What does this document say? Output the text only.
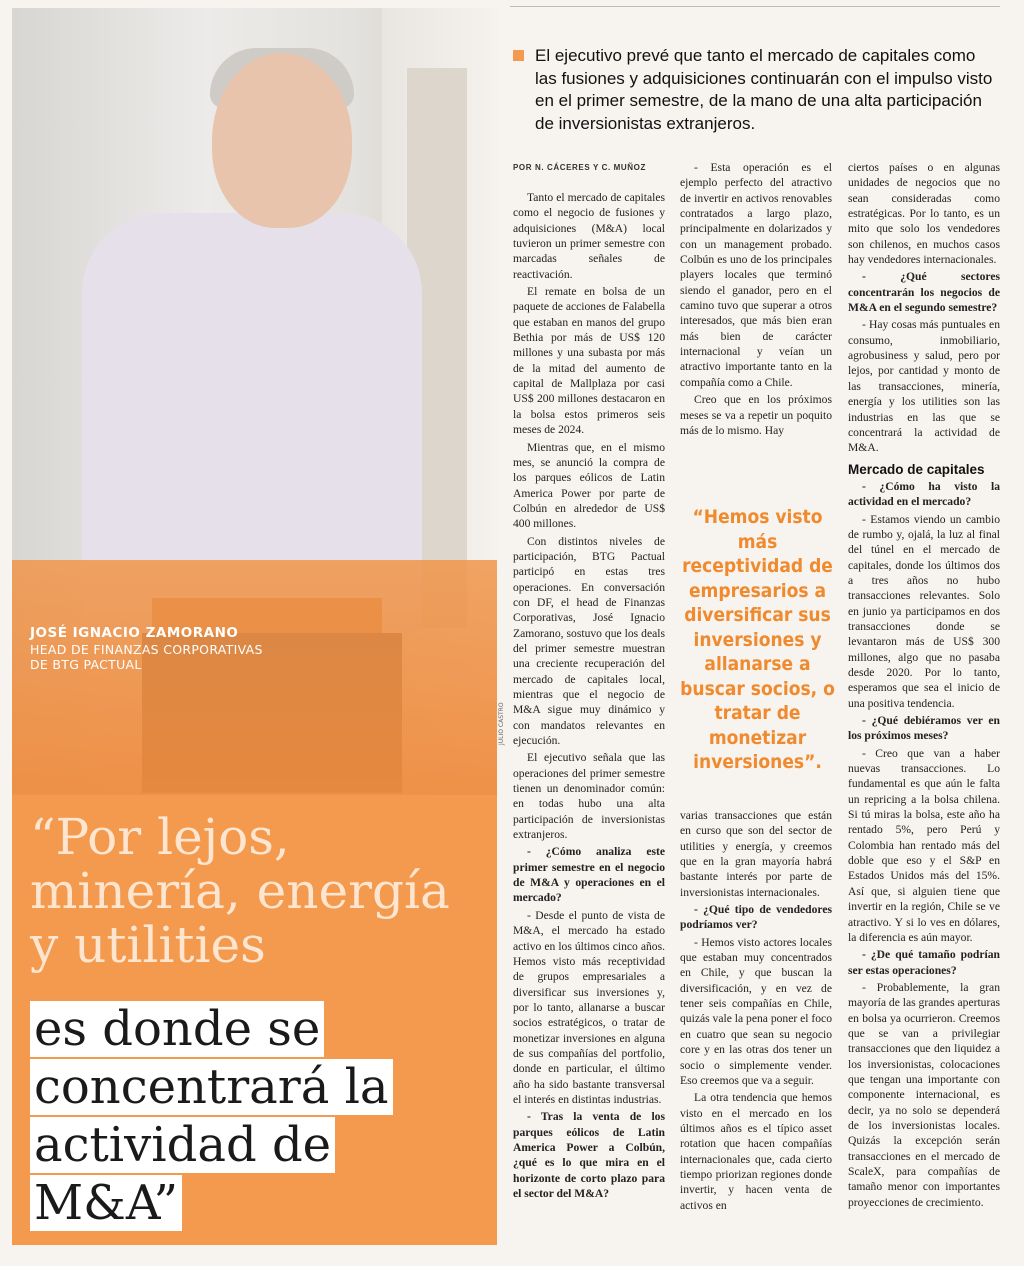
JOSÉ IGNACIO ZAMORANO
HEAD DE FINANZAS CORPORATIVAS
DE BTG PACTUAL
JULIO CASTRO
“Por lejos, minería, energía y utilities
es donde se concentrará la actividad de M&A”

El ejecutivo prevé que tanto el mercado de capitales como las fusiones y adquisiciones continuarán con el impulso visto en el primer semestre, de la mano de una alta participación de inversionistas extranjeros.

POR N. CÁCERES Y C. MUÑOZ

Tanto el mercado de capitales como el negocio de fusiones y adquisiciones (M&A) local tuvieron un primer semestre con marcadas señales de reactivación.

El remate en bolsa de un paquete de acciones de Falabella que estaban en manos del grupo Bethia por más de US$ 120 millones y una subasta por más de la mitad del aumento de capital de Mallplaza por casi US$ 200 millones destacaron en la bolsa estos primeros seis meses de 2024.

Mientras que, en el mismo mes, se anunció la compra de los parques eólicos de Latin America Power por parte de Colbún en alrededor de US$ 400 millones.

Con distintos niveles de participación, BTG Pactual participó en estas tres operaciones. En conversación con DF, el head de Finanzas Corporativas, José Ignacio Zamorano, sostuvo que los deals del primer semestre muestran una creciente recuperación del mercado de capitales local, mientras que el negocio de M&A sigue muy dinámico y con mandatos relevantes en ejecución.

El ejecutivo señala que las operaciones del primer semestre tienen un denominador común: en todas hubo una alta participación de inversionistas extranjeros.

- ¿Cómo analiza este primer semestre en el negocio de M&A y operaciones en el mercado?

- Desde el punto de vista de M&A, el mercado ha estado activo en los últimos cinco años. Hemos visto más receptividad de grupos empresariales a diversificar sus inversiones y, por lo tanto, allanarse a buscar socios estratégicos, o tratar de monetizar inversiones en alguna de sus compañías del portfolio, donde en particular, el último año ha sido bastante transversal el interés en distintas industrias.

- Tras la venta de los parques eólicos de Latin America Power a Colbún, ¿qué es lo que mira en el horizonte de corto plazo para el sector del M&A?

- Esta operación es el ejemplo perfecto del atractivo de invertir en activos renovables contratados a largo plazo, principalmente en dolarizados y con un management probado. Colbún es uno de los principales players locales que terminó siendo el ganador, pero en el camino tuvo que superar a otros interesados, que más bien eran más bien de carácter internacional y veían un atractivo importante tanto en la compañía como a Chile.

Creo que en los próximos meses se va a repetir un poquito más de lo mismo. Hay

“Hemos visto más receptividad de empresarios a diversificar sus inversiones y allanarse a buscar socios, o tratar de monetizar inversiones”.

varias transacciones que están en curso que son del sector de utilities y energía, y creemos que en la gran mayoría habrá bastante interés por parte de inversionistas internacionales.

- ¿Qué tipo de vendedores podríamos ver?

- Hemos visto actores locales que estaban muy concentrados en Chile, y que buscan la diversificación, y en vez de tener seis compañías en Chile, quizás vale la pena poner el foco en cuatro que sean su negocio core y en las otras dos tener un socio o simplemente vender. Eso creemos que va a seguir.

La otra tendencia que hemos visto en el mercado en los últimos años es el típico asset rotation que hacen compañías internacionales que, cada cierto tiempo priorizan regiones donde invertir, y hacen venta de activos en

ciertos países o en algunas unidades de negocios que no sean consideradas como estratégicas. Por lo tanto, es un mito que solo los vendedores son chilenos, en muchos casos hay vendedores internacionales.

- ¿Qué sectores concentrarán los negocios de M&A en el segundo semestre?

- Hay cosas más puntuales en consumo, inmobiliario, agrobusiness y salud, pero por lejos, por cantidad y monto de las transacciones, minería, energía y los utilities son las industrias en las que se concentrará la actividad de M&A.

Mercado de capitales

- ¿Cómo ha visto la actividad en el mercado?

- Estamos viendo un cambio de rumbo y, ojalá, la luz al final del túnel en el mercado de capitales, donde los últimos dos a tres años no hubo transacciones relevantes. Solo en junio ya participamos en dos transacciones donde se levantaron más de US$ 300 millones, algo que no pasaba desde 2020. Por lo tanto, esperamos que sea el inicio de una positiva tendencia.

- ¿Qué debiéramos ver en los próximos meses?

- Creo que van a haber nuevas transacciones. Lo fundamental es que aún le falta un repricing a la bolsa chilena. Si tú miras la bolsa, este año ha rentado 5%, pero Perú y Colombia han rentado más del doble que eso y el S&P en Estados Unidos más del 15%. Así que, si alguien tiene que invertir en la región, Chile se ve atractivo. Y si lo ves en dólares, la diferencia es aún mayor.

- ¿De qué tamaño podrían ser estas operaciones?

- Probablemente, la gran mayoría de las grandes aperturas en bolsa ya ocurrieron. Creemos que se van a privilegiar transacciones que den liquidez a los inversionistas, colocaciones que tengan una importante con componente internacional, es decir, ya no solo se dependerá de los inversionistas locales. Quizás la excepción serán transacciones en el mercado de ScaleX, para compañías de tamaño menor con importantes proyecciones de crecimiento.
